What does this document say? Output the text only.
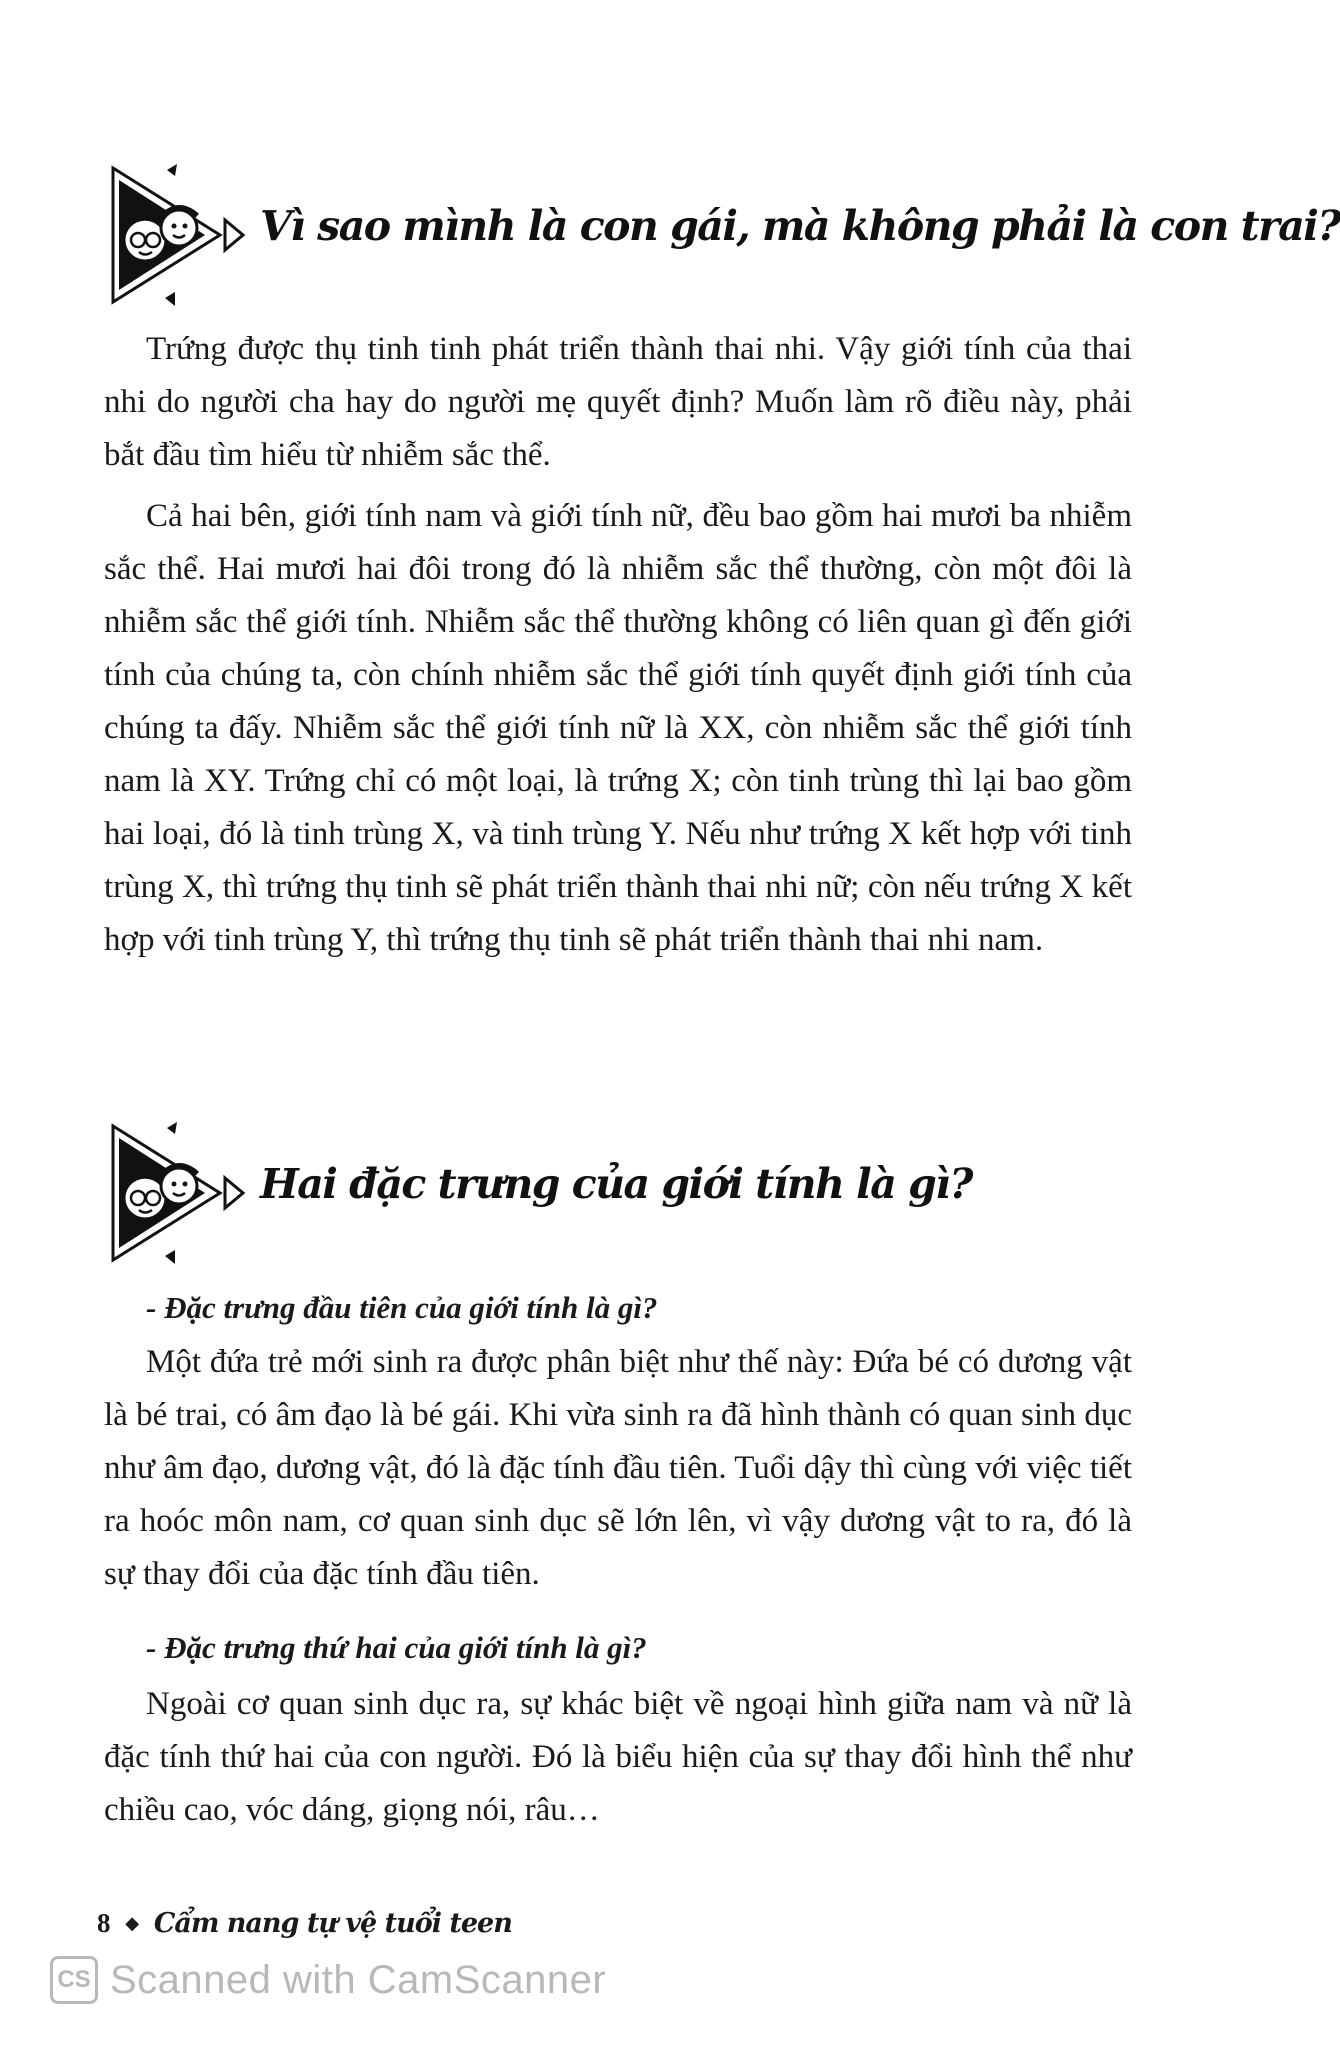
Vì sao mình là con gái, mà không phải là con trai?

Trứng được thụ tinh tinh phát triển thành thai nhi. Vậy giới tính của thai nhi do người cha hay do người mẹ quyết định? Muốn làm rõ điều này, phải bắt đầu tìm hiểu từ nhiễm sắc thể.

Cả hai bên, giới tính nam và giới tính nữ, đều bao gồm hai mươi ba nhiễm sắc thể. Hai mươi hai đôi trong đó là nhiễm sắc thể thường, còn một đôi là nhiễm sắc thể giới tính. Nhiễm sắc thể thường không có liên quan gì đến giới tính của chúng ta, còn chính nhiễm sắc thể giới tính quyết định giới tính của chúng ta đấy. Nhiễm sắc thể giới tính nữ là XX, còn nhiễm sắc thể giới tính nam là XY. Trứng chỉ có một loại, là trứng X; còn tinh trùng thì lại bao gồm hai loại, đó là tinh trùng X, và tinh trùng Y. Nếu như trứng X kết hợp với tinh trùng X, thì trứng thụ tinh sẽ phát triển thành thai nhi nữ; còn nếu trứng X kết hợp với tinh trùng Y, thì trứng thụ tinh sẽ phát triển thành thai nhi nam.

Hai đặc trưng của giới tính là gì?

- Đặc trưng đầu tiên của giới tính là gì?

Một đứa trẻ mới sinh ra được phân biệt như thế này: Đứa bé có dương vật là bé trai, có âm đạo là bé gái. Khi vừa sinh ra đã hình thành có quan sinh dục như âm đạo, dương vật, đó là đặc tính đầu tiên. Tuổi dậy thì cùng với việc tiết ra hoóc môn nam, cơ quan sinh dục sẽ lớn lên, vì vậy dương vật to ra, đó là sự thay đổi của đặc tính đầu tiên.

- Đặc trưng thứ hai của giới tính là gì?

Ngoài cơ quan sinh dục ra, sự khác biệt về ngoại hình giữa nam và nữ là đặc tính thứ hai của con người. Đó là biểu hiện của sự thay đổi hình thể như chiều cao, vóc dáng, giọng nói, râu…

8 ◆ Cẩm nang tự vệ tuổi teen
CS Scanned with CamScanner
